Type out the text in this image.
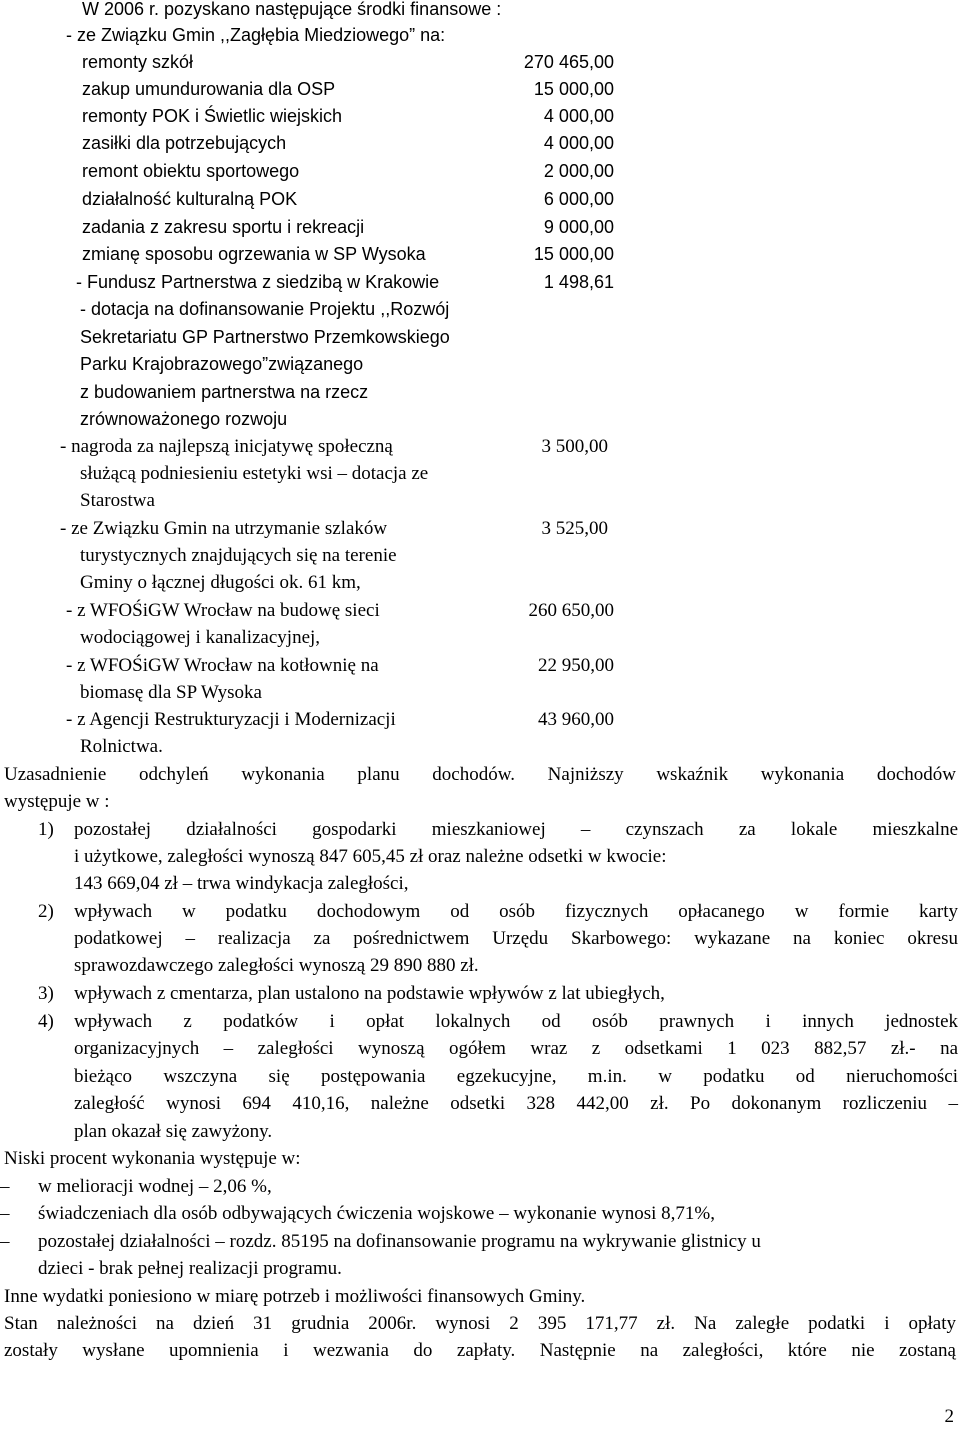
W 2006 r. pozyskano następujące środki finansowe :
- ze Związku Gmin ,,Zagłębia Miedziowego” na:
remonty szkół	270 465,00
zakup umundurowania dla OSP	15 000,00
remonty POK i Świetlic wiejskich	4 000,00
zasiłki dla potrzebujących	4 000,00
remont obiektu sportowego	2 000,00
działalność kulturalną POK	6 000,00
zadania z zakresu sportu i rekreacji	9 000,00
zmianę sposobu ogrzewania w SP Wysoka	15 000,00
- Fundusz Partnerstwa z siedzibą w Krakowie	1 498,61
- dotacja na dofinansowanie Projektu ,,Rozwój
Sekretariatu GP Partnerstwo Przemkowskiego
Parku Krajobrazowego”związanego
z budowaniem partnerstwa na rzecz
zrównoważonego rozwoju
- nagroda za najlepszą inicjatywę społeczną	3 500,00
służącą podniesieniu estetyki wsi – dotacja ze
Starostwa
- ze Związku Gmin na utrzymanie szlaków	3 525,00
turystycznych znajdujących się na terenie
Gminy o łącznej długości ok. 61 km,
- z WFOŚiGW Wrocław na budowę sieci	260 650,00
wodociągowej i kanalizacyjnej,
- z WFOŚiGW Wrocław na kotłownię na	22 950,00
biomasę dla SP Wysoka
- z Agencji Restrukturyzacji i Modernizacji	43 960,00
Rolnictwa.
Uzasadnienie odchyleń wykonania planu dochodów. Najniższy wskaźnik wykonania dochodów
występuje w :
1) pozostałej działalności gospodarki mieszkaniowej – czynszach za lokale mieszkalne
i użytkowe, zaległości wynoszą 847 605,45 zł oraz należne odsetki w kwocie:
143 669,04 zł – trwa windykacja zaległości,
2) wpływach w podatku dochodowym od osób fizycznych opłacanego w formie karty
podatkowej – realizacja za pośrednictwem Urzędu Skarbowego: wykazane na koniec okresu
sprawozdawczego zaległości wynoszą 29 890 880 zł.
3) wpływach z cmentarza, plan ustalono na podstawie wpływów z lat ubiegłych,
4) wpływach z podatków i opłat lokalnych od osób prawnych i innych jednostek
organizacyjnych – zaległości wynoszą ogółem wraz z odsetkami 1 023 882,57 zł.- na
bieżąco wszczyna się postępowania egzekucyjne, m.in. w podatku od nieruchomości
zaległość wynosi 694 410,16, należne odsetki 328 442,00 zł. Po dokonanym rozliczeniu –
plan okazał się zawyżony.
Niski procent wykonania występuje w:
–	w melioracji wodnej – 2,06 %,
–	świadczeniach dla osób odbywających ćwiczenia wojskowe – wykonanie wynosi 8,71%,
–	pozostałej działalności – rozdz. 85195 na dofinansowanie programu na wykrywanie glistnicy u
dzieci - brak pełnej realizacji programu.
Inne wydatki poniesiono w miarę potrzeb i możliwości finansowych Gminy.
Stan należności na dzień 31 grudnia 2006r. wynosi 2 395 171,77 zł. Na zaległe podatki i opłaty
zostały wysłane upomnienia i wezwania do zapłaty. Następnie na zaległości, które nie zostaną
2
